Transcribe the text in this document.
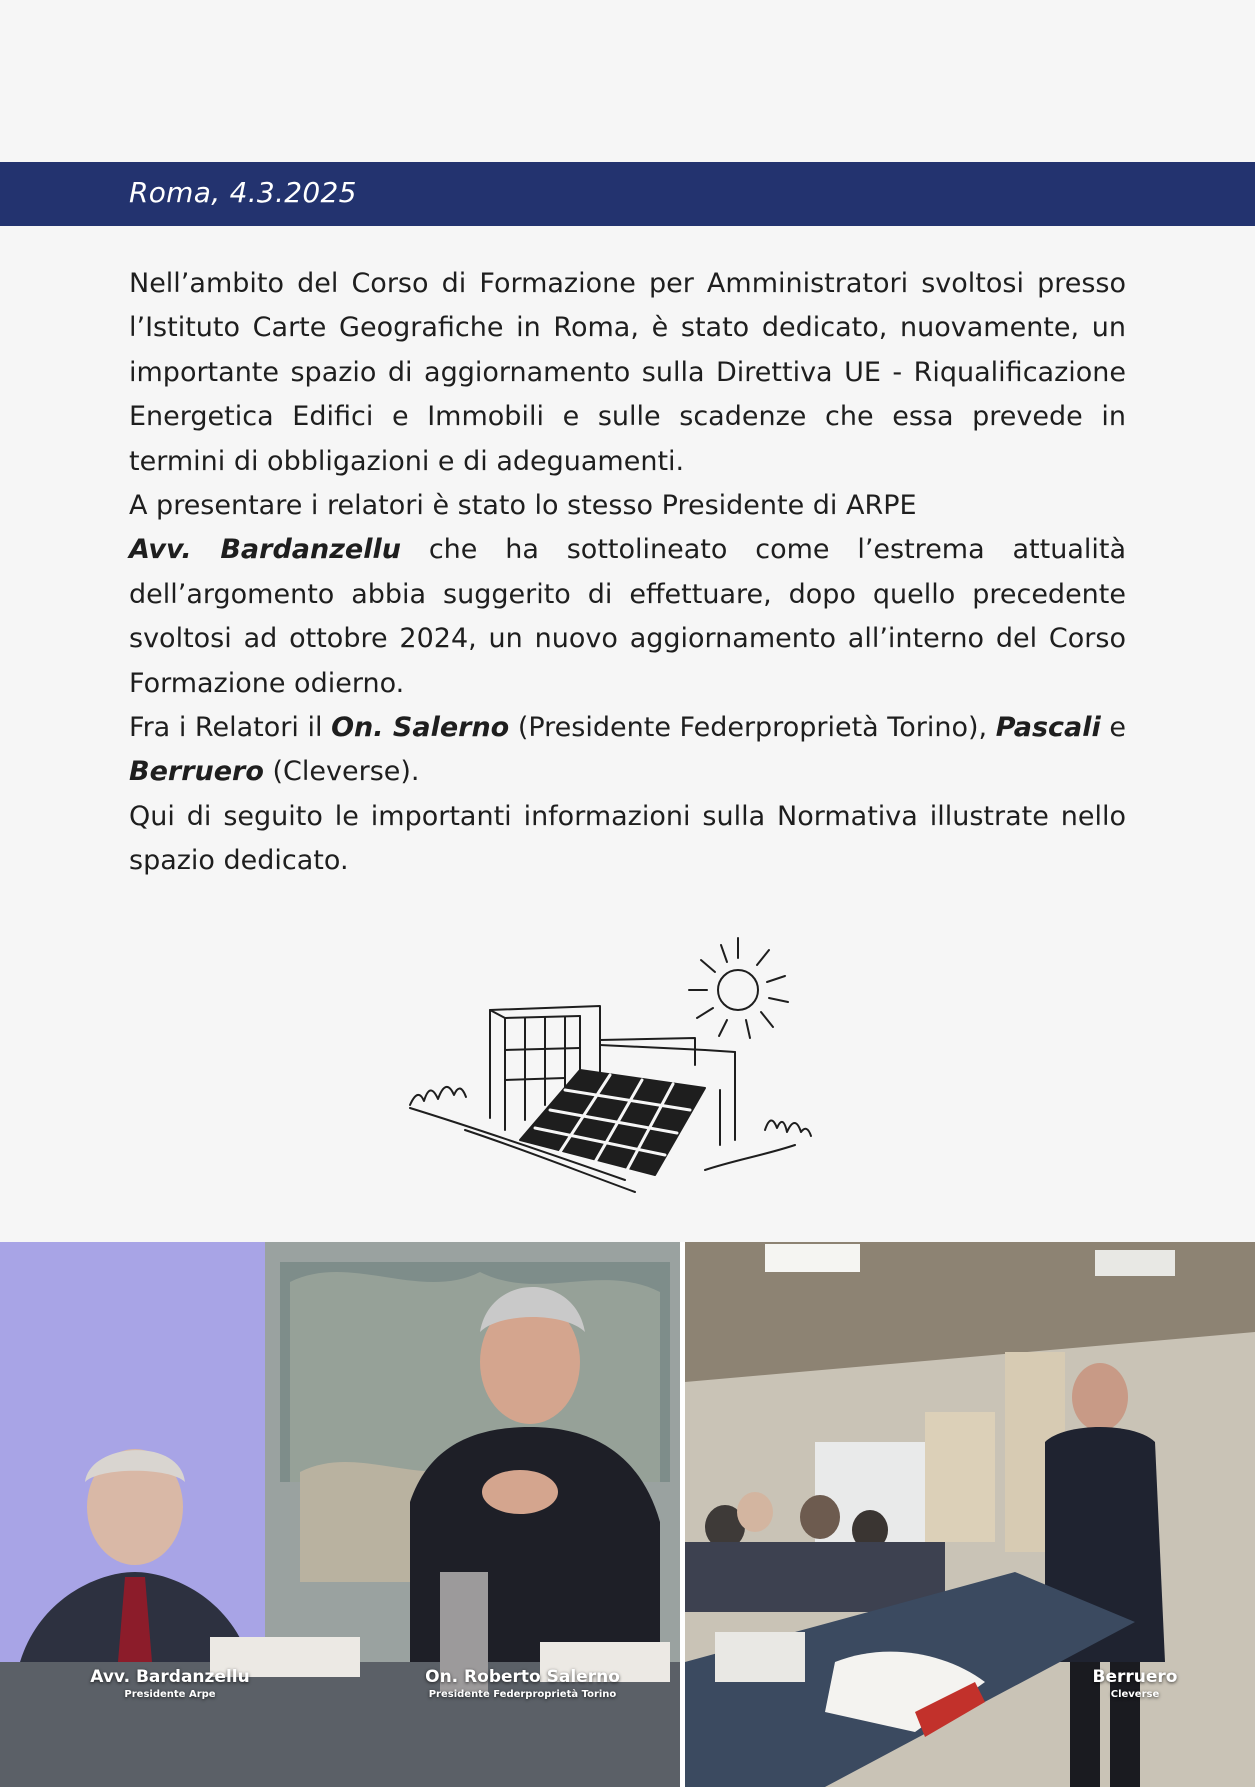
Roma, 4.3.2025

Nell’ambito del Corso di Formazione per Amministratori svoltosi presso l’Istituto Carte Geografiche in Roma, è stato dedicato, nuovamente, un importante spazio di aggiornamento sulla Direttiva UE - Riqualificazione Energetica Edifici e Immobili e sulle scadenze che essa prevede in termini di obbligazioni e di adeguamenti.

A presentare i relatori è stato lo stesso Presidente di ARPE

Avv. Bardanzellu che ha sottolineato come l’estrema attualità dell’argomento abbia suggerito di effettuare, dopo quello precedente svoltosi ad ottobre 2024, un nuovo aggiornamento all’interno del Corso Formazione odierno.

Fra i Relatori il On. Salerno (Presidente Federproprietà Torino), Pascali e Berruero (Cleverse).

Qui di seguito le importanti informazioni sulla Normativa illustrate nello spazio dedicato.

Avv. Bardanzellu
Presidente Arpe
On. Roberto Salerno
Presidente Federproprietà Torino
Berruero
Cleverse
